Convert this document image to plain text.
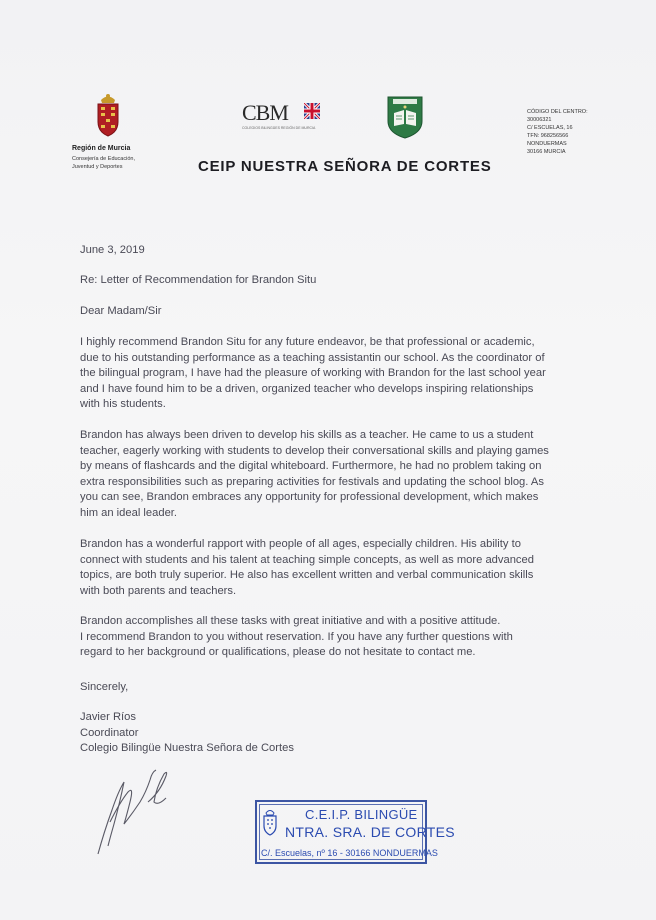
Región de Murcia
Consejería de Educación,
Juventud y Deportes
CBM
COLEGIOS BILINGÜES REGIÓN DE MURCIA
CEIP NUESTRA SEÑORA DE CORTES
CÓDIGO DEL CENTRO:
30006321
C/ ESCUELAS, 16
TFN: 968256566
NONDUERMAS
30166 MURCIA
June 3, 2019
Re: Letter of Recommendation for Brandon Situ
Dear Madam/Sir
I highly recommend Brandon Situ for any future endeavor, be that professional or academic,
due to his outstanding performance as a teaching assistantin our school. As the coordinator of
the bilingual program, I have had the pleasure of working with Brandon for the last school year
and I have found him to be a driven, organized teacher who develops inspiring relationships
with his students.
Brandon has always been driven to develop his skills as a teacher. He came to us a student
teacher, eagerly working with students to develop their conversational skills and playing games
by means of flashcards and the digital whiteboard. Furthermore, he had no problem taking on
extra responsibilities such as preparing activities for festivals and updating the school blog. As
you can see, Brandon embraces any opportunity for professional development, which makes
him an ideal leader.
Brandon has a wonderful rapport with people of all ages, especially children. His ability to
connect with students and his talent at teaching simple concepts, as well as more advanced
topics, are both truly superior. He also has excellent written and verbal communication skills
with both parents and teachers.
Brandon accomplishes all these tasks with great initiative and with a positive attitude.
I recommend Brandon to you without reservation. If you have any further questions with
regard to her background or qualifications, please do not hesitate to contact me.
Sincerely,
Javier Ríos
Coordinator
Colegio Bilingüe Nuestra Señora de Cortes
C.E.I.P. BILINGÜE
NTRA. SRA. DE CORTES
C/. Escuelas, nº 16 - 30166 NONDUERMAS
